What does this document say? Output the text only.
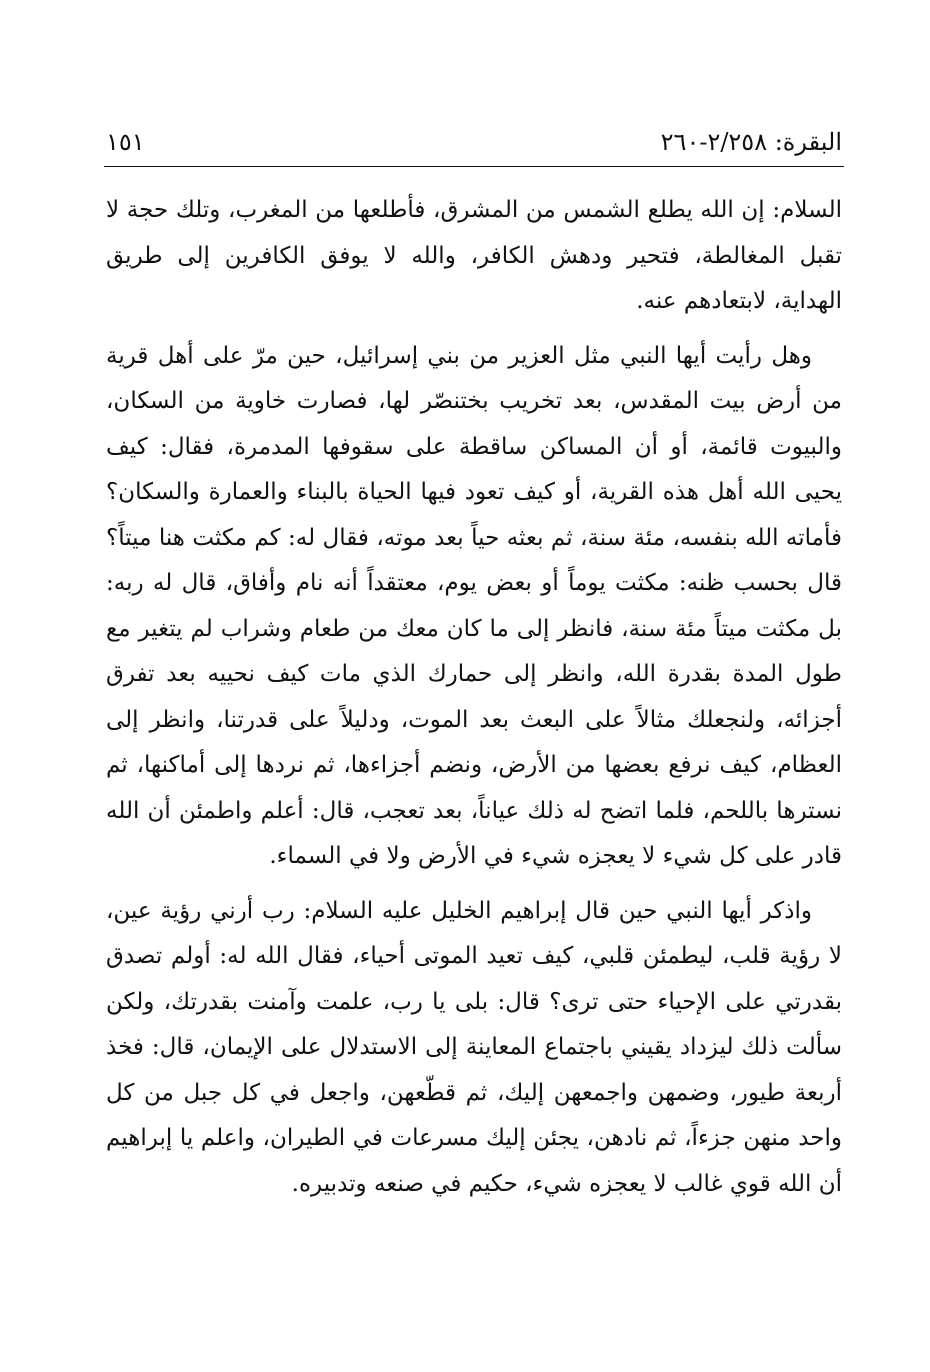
البقرة: ٢/٢٥٨-٢٦٠
١٥١

السلام: إن الله يطلع الشمس من المشرق، فأطلعها من المغرب، وتلك حجة لا تقبل المغالطة، فتحير ودهش الكافر، والله لا يوفق الكافرين إلى طريق الهداية، لابتعادهم عنه.

وهل رأيت أيها النبي مثل العزير من بني إسرائيل، حين مرّ على أهل قرية من أرض بيت المقدس، بعد تخريب بختنصّر لها، فصارت خاوية من السكان، والبيوت قائمة، أو أن المساكن ساقطة على سقوفها المدمرة، فقال: كيف يحيى الله أهل هذه القرية، أو كيف تعود فيها الحياة بالبناء والعمارة والسكان؟ فأماته الله بنفسه، مئة سنة، ثم بعثه حياً بعد موته، فقال له: كم مكثت هنا ميتاً؟ قال بحسب ظنه: مكثت يوماً أو بعض يوم، معتقداً أنه نام وأفاق، قال له ربه: بل مكثت ميتاً مئة سنة، فانظر إلى ما كان معك من طعام وشراب لم يتغير مع طول المدة بقدرة الله، وانظر إلى حمارك الذي مات كيف نحييه بعد تفرق أجزائه، ولنجعلك مثالاً على البعث بعد الموت، ودليلاً على قدرتنا، وانظر إلى العظام، كيف نرفع بعضها من الأرض، ونضم أجزاءها، ثم نردها إلى أماكنها، ثم نسترها باللحم، فلما اتضح له ذلك عياناً، بعد تعجب، قال: أعلم واطمئن أن الله قادر على كل شيء لا يعجزه شيء في الأرض ولا في السماء.

واذكر أيها النبي حين قال إبراهيم الخليل عليه السلام: رب أرني رؤية عين، لا رؤية قلب، ليطمئن قلبي، كيف تعيد الموتى أحياء، فقال الله له: أولم تصدق بقدرتي على الإحياء حتى ترى؟ قال: بلى يا رب، علمت وآمنت بقدرتك، ولكن سألت ذلك ليزداد يقيني باجتماع المعاينة إلى الاستدلال على الإيمان، قال: فخذ أربعة طيور، وضمهن واجمعهن إليك، ثم قطّعهن، واجعل في كل جبل من كل واحد منهن جزءاً، ثم نادهن، يجئن إليك مسرعات في الطيران، واعلم يا إبراهيم أن الله قوي غالب لا يعجزه شيء، حكيم في صنعه وتدبيره.
